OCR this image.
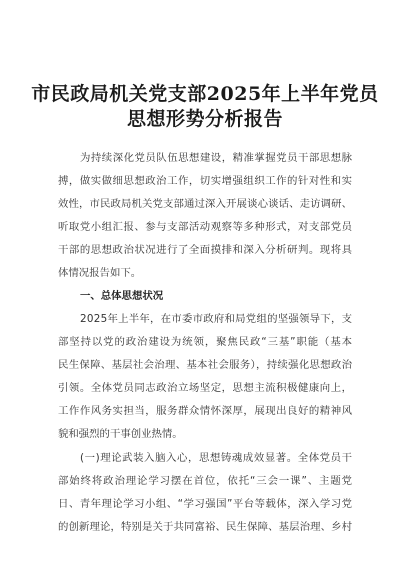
市民政局机关党支部2025年上半年党员
思想形势分析报告
为持续深化党员队伍思想建设，精准掌握党员干部思想脉
搏，做实做细思想政治工作，切实增强组织工作的针对性和实
效性，市民政局机关党支部通过深入开展谈心谈话、走访调研、
听取党小组汇报、参与支部活动观察等多种形式，对支部党员
干部的思想政治状况进行了全面摸排和深入分析研判。现将具
体情况报告如下。
一、总体思想状况
2025年上半年，在市委市政府和局党组的坚强领导下，支
部坚持以党的政治建设为统领，聚焦民政“三基”职能（基本
民生保障、基层社会治理、基本社会服务），持续强化思想政治
引领。全体党员同志政治立场坚定，思想主流积极健康向上，
工作作风务实担当，服务群众情怀深厚，展现出良好的精神风
貌和强烈的干事创业热情。
(一)理论武装入脑入心，思想铸魂成效显著。全体党员干
部始终将政治理论学习摆在首位，依托“三会一课”、主题党
日、青年理论学习小组、“学习强国”平台等载体，深入学习党
的创新理论，特别是关于共同富裕、民生保障、基层治理、乡村
